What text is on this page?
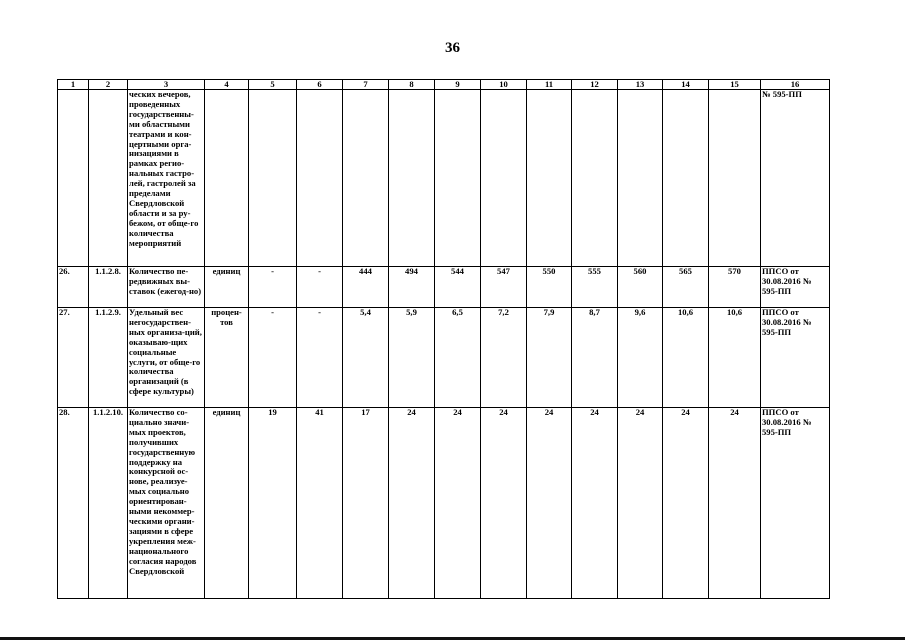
36
1	2	3	4	5	6	7	8	9	10	11	12	13	14	15	16
		ческих вечеров, проведенных государственны-ми областными театрами и кон-цертными орга-низациями в рамках регио-нальных гастро-лей, гастролей за пределами Свердловской области и за ру-бежом, от обще-го количества мероприятий													№ 595-ПП
26.	1.1.2.8.	Количество пе-редвижных вы-ставок (ежегод-но)	единиц	-	-	444	494	544	547	550	555	560	565	570	ППСО от 30.08.2016 № 595-ПП
27.	1.1.2.9.	Удельный вес негосударствен-ных организа-ций, оказываю-щих социальные услуги, от обще-го количества организаций (в сфере культуры)	процен-тов	-	-	5,4	5,9	6,5	7,2	7,9	8,7	9,6	10,6	10,6	ППСО от 30.08.2016 № 595-ПП
28.	1.1.2.10.	Количество со-циально значи-мых проектов, получивших государственную поддержку на конкурсной ос-нове, реализуе-мых социально ориентирован-ными некоммер-ческими органи-зациями в сфере укрепления меж-национального согласия народов Свердловской	единиц	19	41	17	24	24	24	24	24	24	24	24	ППСО от 30.08.2016 № 595-ПП
